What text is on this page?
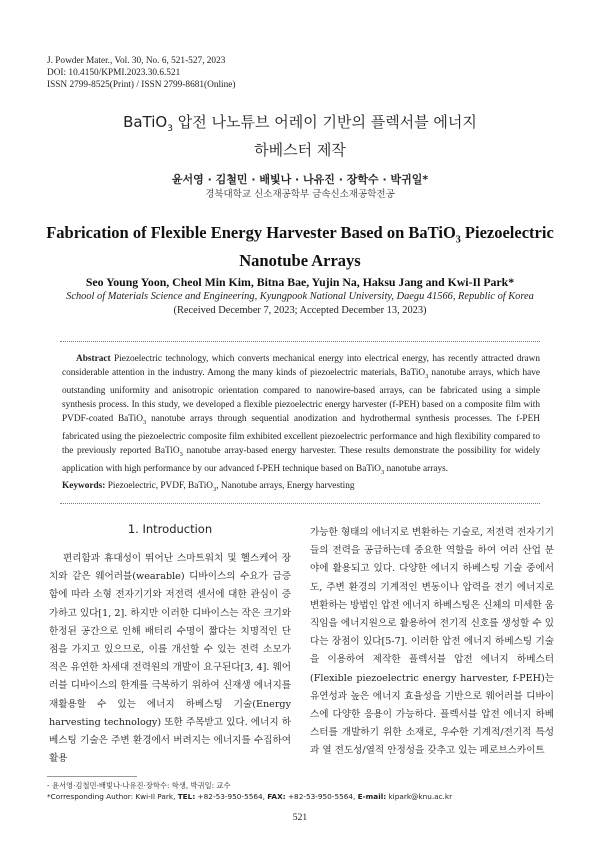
J. Powder Mater., Vol. 30, No. 6, 521-527, 2023
DOI: 10.4150/KPMI.2023.30.6.521
ISSN 2799-8525(Print) / ISSN 2799-8681(Online)
BaTiO$_3$ 압전 나노튜브 어레이 기반의 플렉서블 에너지
하베스터 제작
윤서영 · 김철민 · 배빛나 · 나유진 · 장학수 · 박귀일*
경북대학교 신소재공학부 금속신소재공학전공
Fabrication of Flexible Energy Harvester Based on BaTiO$_3$ Piezoelectric
Nanotube Arrays
Seo Young Yoon, Cheol Min Kim, Bitna Bae, Yujin Na, Haksu Jang and Kwi-Il Park*
School of Materials Science and Engineering, Kyungpook National University, Daegu 41566, Republic of Korea
(Received December 7, 2023; Accepted December 13, 2023)
Abstract Piezoelectric technology, which converts mechanical energy into electrical energy, has recently attracted drawn considerable attention in the industry. Among the many kinds of piezoelectric materials, BaTiO$_3$ nanotube arrays, which have outstanding uniformity and anisotropic orientation compared to nanowire-based arrays, can be fabricated using a simple synthesis process. In this study, we developed a flexible piezoelectric energy harvester (f-PEH) based on a composite film with PVDF-coated BaTiO$_3$ nanotube arrays through sequential anodization and hydrothermal synthesis processes. The f-PEH fabricated using the piezoelectric composite film exhibited excellent piezoelectric performance and high flexibility compared to the previously reported BaTiO$_3$ nanotube array-based energy harvester. These results demonstrate the possibility for widely application with high performance by our advanced f-PEH technique based on BaTiO$_3$ nanotube arrays.
Keywords: Piezoelectric, PVDF, BaTiO$_3$, Nanotube arrays, Energy harvesting
1. Introduction
편리함과 휴대성이 뛰어난 스마트워치 및 헬스케어 장치와 같은 웨어러블(wearable) 디바이스의 수요가 급증함에 따라 소형 전자기기와 저전력 센서에 대한 관심이 증가하고 있다[1, 2]. 하지만 이러한 디바이스는 작은 크기와 한정된 공간으로 인해 배터리 수명이 짧다는 치명적인 단점을 가지고 있으므로, 이를 개선할 수 있는 전력 소모가 적은 유연한 차세대 전력원의 개발이 요구된다[3, 4]. 웨어러블 디바이스의 한계를 극복하기 위하여 신재생 에너지를 재활용할 수 있는 에너지 하베스팅 기술(Energy harvesting technology) 또한 주목받고 있다. 에너지 하베스팅 기술은 주변 환경에서 버려지는 에너지를 수집하여 활용
가능한 형태의 에너지로 변환하는 기술로, 저전력 전자기기들의 전력을 공급하는데 중요한 역할을 하여 여러 산업 분야에 활용되고 있다. 다양한 에너지 하베스팅 기술 중에서도, 주변 환경의 기계적인 변동이나 압력을 전기 에너지로 변환하는 방법인 압전 에너지 하베스팅은 신체의 미세한 움직임을 에너지원으로 활용하여 전기적 신호를 생성할 수 있다는 장점이 있다[5-7]. 이러한 압전 에너지 하베스팅 기술을 이용하여 제작한 플렉서블 압전 에너지 하베스터(Flexible piezoelectric energy harvester, f-PEH)는 유연성과 높은 에너지 효율성을 기반으로 웨어러블 디바이스에 다양한 응용이 가능하다. 플렉서블 압전 에너지 하베스터를 개발하기 위한 소재로, 우수한 기계적/전기적 특성과 열 전도성/열적 안정성을 갖추고 있는 페로브스카이트
- 윤서영·김철민·배빛나·나유진·장학수: 학생, 박귀일: 교수
*Corresponding Author: Kwi-Il Park, TEL: +82-53-950-5564, FAX: +82-53-950-5564, E-mail: kipark@knu.ac.kr
521
